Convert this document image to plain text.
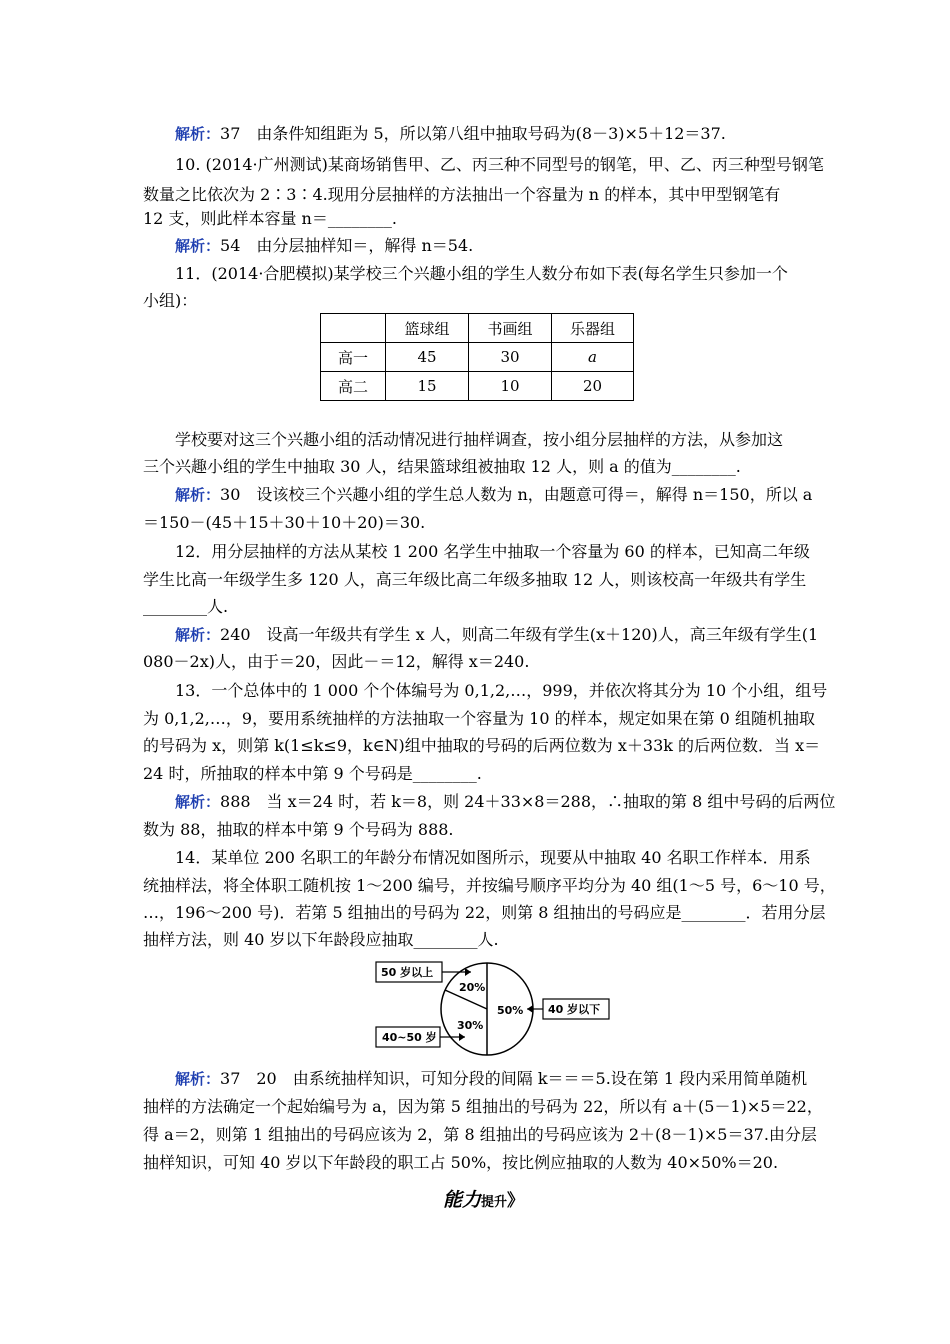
解析：37　由条件知组距为 5，所以第八组中抽取号码为(8－3)×5＋12＝37.
10. (2014·广州测试)某商场销售甲、乙、丙三种不同型号的钢笔，甲、乙、丙三种型号钢笔
数量之比依次为 2∶3∶4.现用分层抽样的方法抽出一个容量为 n 的样本，其中甲型钢笔有
12 支，则此样本容量 n＝________.
解析：54　由分层抽样知＝，解得 n＝54.
11．(2014·合肥模拟)某学校三个兴趣小组的学生人数分布如下表(每名学生只参加一个
小组)：
	篮球组	书画组	乐器组
高一	45	30	a
高二	15	10	20
学校要对这三个兴趣小组的活动情况进行抽样调查，按小组分层抽样的方法，从参加这
三个兴趣小组的学生中抽取 30 人，结果篮球组被抽取 12 人，则 a 的值为________.
解析：30　设该校三个兴趣小组的学生总人数为 n，由题意可得＝，解得 n＝150，所以 a
＝150－(45＋15＋30＋10＋20)＝30.
12．用分层抽样的方法从某校 1 200 名学生中抽取一个容量为 60 的样本，已知高二年级
学生比高一年级学生多 120 人，高三年级比高二年级多抽取 12 人，则该校高一年级共有学生
________人.
解析：240　设高一年级共有学生 x 人，则高二年级有学生(x＋120)人，高三年级有学生(1
080－2x)人，由于＝20，因此－＝12，解得 x＝240.
13．一个总体中的 1 000 个个体编号为 0,1,2,…，999，并依次将其分为 10 个小组，组号
为 0,1,2,…，9，要用系统抽样的方法抽取一个容量为 10 的样本，规定如果在第 0 组随机抽取
的号码为 x，则第 k(1≤k≤9，k∈N)组中抽取的号码的后两位数为 x＋33k 的后两位数．当 x＝
24 时，所抽取的样本中第 9 个号码是________.
解析：888　当 x＝24 时，若 k＝8，则 24＋33×8＝288，∴抽取的第 8 组中号码的后两位
数为 88，抽取的样本中第 9 个号码为 888.
14．某单位 200 名职工的年龄分布情况如图所示，现要从中抽取 40 名职工作样本．用系
统抽样法，将全体职工随机按 1～200 编号，并按编号顺序平均分为 40 组(1～5 号，6～10 号，
…，196～200 号)．若第 5 组抽出的号码为 22，则第 8 组抽出的号码应是________．若用分层
抽样方法，则 40 岁以下年龄段应抽取________人.
20%
30%
50%
50 岁以上
40~50 岁
40 岁以下
解析：37　20　由系统抽样知识，可知分段的间隔 k＝＝＝5.设在第 1 段内采用简单随机
抽样的方法确定一个起始编号为 a，因为第 5 组抽出的号码为 22，所以有 a＋(5－1)×5＝22，
得 a＝2，则第 1 组抽出的号码应该为 2，第 8 组抽出的号码应该为 2＋(8－1)×5＝37.由分层
抽样知识，可知 40 岁以下年龄段的职工占 50%，按比例应抽取的人数为 40×50%＝20.
能力提升》
